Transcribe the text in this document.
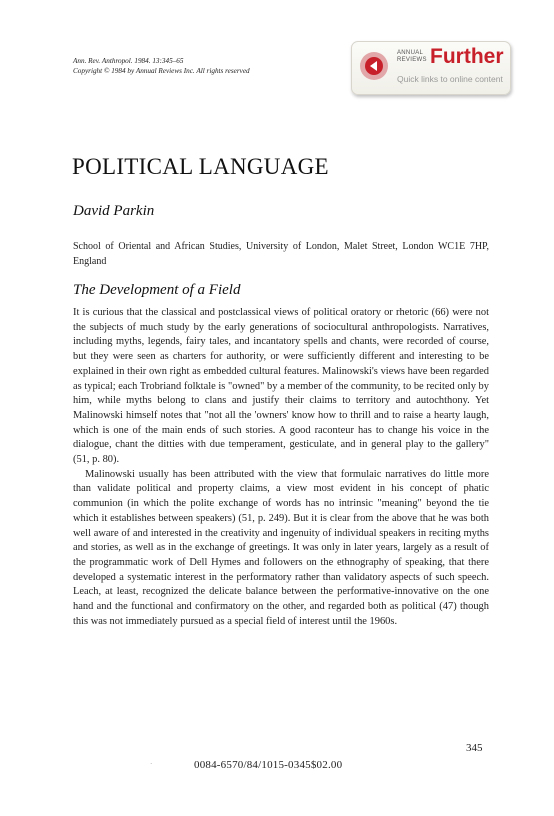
Ann. Rev. Anthropol. 1984. 13:345–65
Copyright © 1984 by Annual Reviews Inc. All rights reserved
ANNUAL
REVIEWS Further
Quick links to online content
POLITICAL LANGUAGE
David Parkin
School of Oriental and African Studies, University of London, Malet Street, London WC1E 7HP, England
The Development of a Field

It is curious that the classical and postclassical views of political oratory or rhetoric (66) were not the subjects of much study by the early generations of sociocultural anthropologists. Narratives, including myths, legends, fairy tales, and incantatory spells and chants, were recorded of course, but they were seen as charters for authority, or were sufficiently different and interesting to be explained in their own right as embedded cultural features. Malinowski's views have been regarded as typical; each Trobriand folktale is "owned" by a member of the community, to be recited only by him, while myths belong to clans and justify their claims to territory and autochthony. Yet Malinowski himself notes that "not all the 'owners' know how to thrill and to raise a hearty laugh, which is one of the main ends of such stories. A good raconteur has to change his voice in the dialogue, chant the ditties with due temperament, gesticulate, and in general play to the gallery" (51, p. 80).

Malinowski usually has been attributed with the view that formulaic narratives do little more than validate political and property claims, a view most evident in his concept of phatic communion (in which the polite exchange of words has no intrinsic "meaning" beyond the tie which it establishes between speakers) (51, p. 249). But it is clear from the above that he was both well aware of and interested in the creativity and ingenuity of individual speakers in reciting myths and stories, as well as in the exchange of greetings. It was only in later years, largely as a result of the programmatic work of Dell Hymes and followers on the ethnography of speaking, that there developed a systematic interest in the performatory rather than validatory aspects of such speech. Leach, at least, recognized the delicate balance between the performative-innovative on the one hand and the functional and confirmatory on the other, and regarded both as political (47) though this was not immediately pursued as a special field of interest until the 1960s.

345
·	0084-6570/84/1015-0345$02.00
